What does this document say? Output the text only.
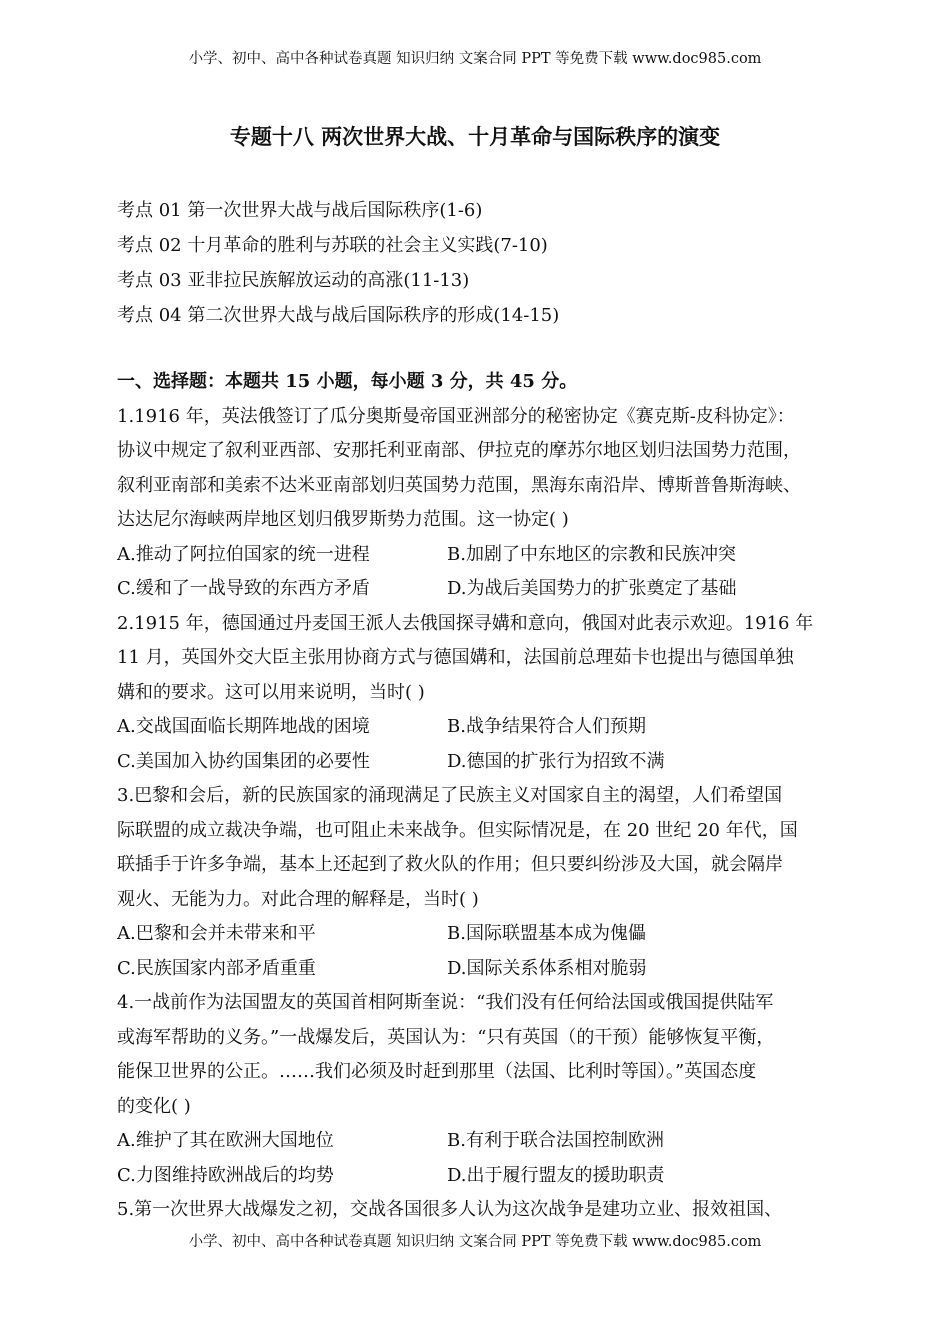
小学、初中、高中各种试卷真题 知识归纳 文案合同 PPT 等免费下载 www.doc985.com
专题十八 两次世界大战、十月革命与国际秩序的演变
考点 01 第一次世界大战与战后国际秩序(1-6)
考点 02 十月革命的胜利与苏联的社会主义实践(7-10)
考点 03 亚非拉民族解放运动的高涨(11-13)
考点 04 第二次世界大战与战后国际秩序的形成(14-15)
一、选择题：本题共 15 小题，每小题 3 分，共 45 分。
1.1916 年，英法俄签订了瓜分奥斯曼帝国亚洲部分的秘密协定《赛克斯-皮科协定》：
协议中规定了叙利亚西部、安那托利亚南部、伊拉克的摩苏尔地区划归法国势力范围，
叙利亚南部和美索不达米亚南部划归英国势力范围，黑海东南沿岸、博斯普鲁斯海峡、
达达尼尔海峡两岸地区划归俄罗斯势力范围。这一协定( )
A.推动了阿拉伯国家的统一进程	B.加剧了中东地区的宗教和民族冲突
C.缓和了一战导致的东西方矛盾	D.为战后美国势力的扩张奠定了基础
2.1915 年，德国通过丹麦国王派人去俄国探寻媾和意向，俄国对此表示欢迎。1916 年
11 月，英国外交大臣主张用协商方式与德国媾和，法国前总理茹卡也提出与德国单独
媾和的要求。这可以用来说明，当时( )
A.交战国面临长期阵地战的困境	B.战争结果符合人们预期
C.美国加入协约国集团的必要性	D.德国的扩张行为招致不满
3.巴黎和会后，新的民族国家的涌现满足了民族主义对国家自主的渴望，人们希望国
际联盟的成立裁决争端，也可阻止未来战争。但实际情况是，在 20 世纪 20 年代，国
联插手于许多争端，基本上还起到了救火队的作用；但只要纠纷涉及大国，就会隔岸
观火、无能为力。对此合理的解释是，当时( )
A.巴黎和会并未带来和平	B.国际联盟基本成为傀儡
C.民族国家内部矛盾重重	D.国际关系体系相对脆弱
4.一战前作为法国盟友的英国首相阿斯奎说：“我们没有任何给法国或俄国提供陆军
或海军帮助的义务。”一战爆发后，英国认为：“只有英国（的干预）能够恢复平衡，
能保卫世界的公正。……我们必须及时赶到那里（法国、比利时等国）。”英国态度
的变化( )
A.维护了其在欧洲大国地位	B.有利于联合法国控制欧洲
C.力图维持欧洲战后的均势	D.出于履行盟友的援助职责
5.第一次世界大战爆发之初，交战各国很多人认为这次战争是建功立业、报效祖国、
小学、初中、高中各种试卷真题 知识归纳 文案合同 PPT 等免费下载 www.doc985.com
